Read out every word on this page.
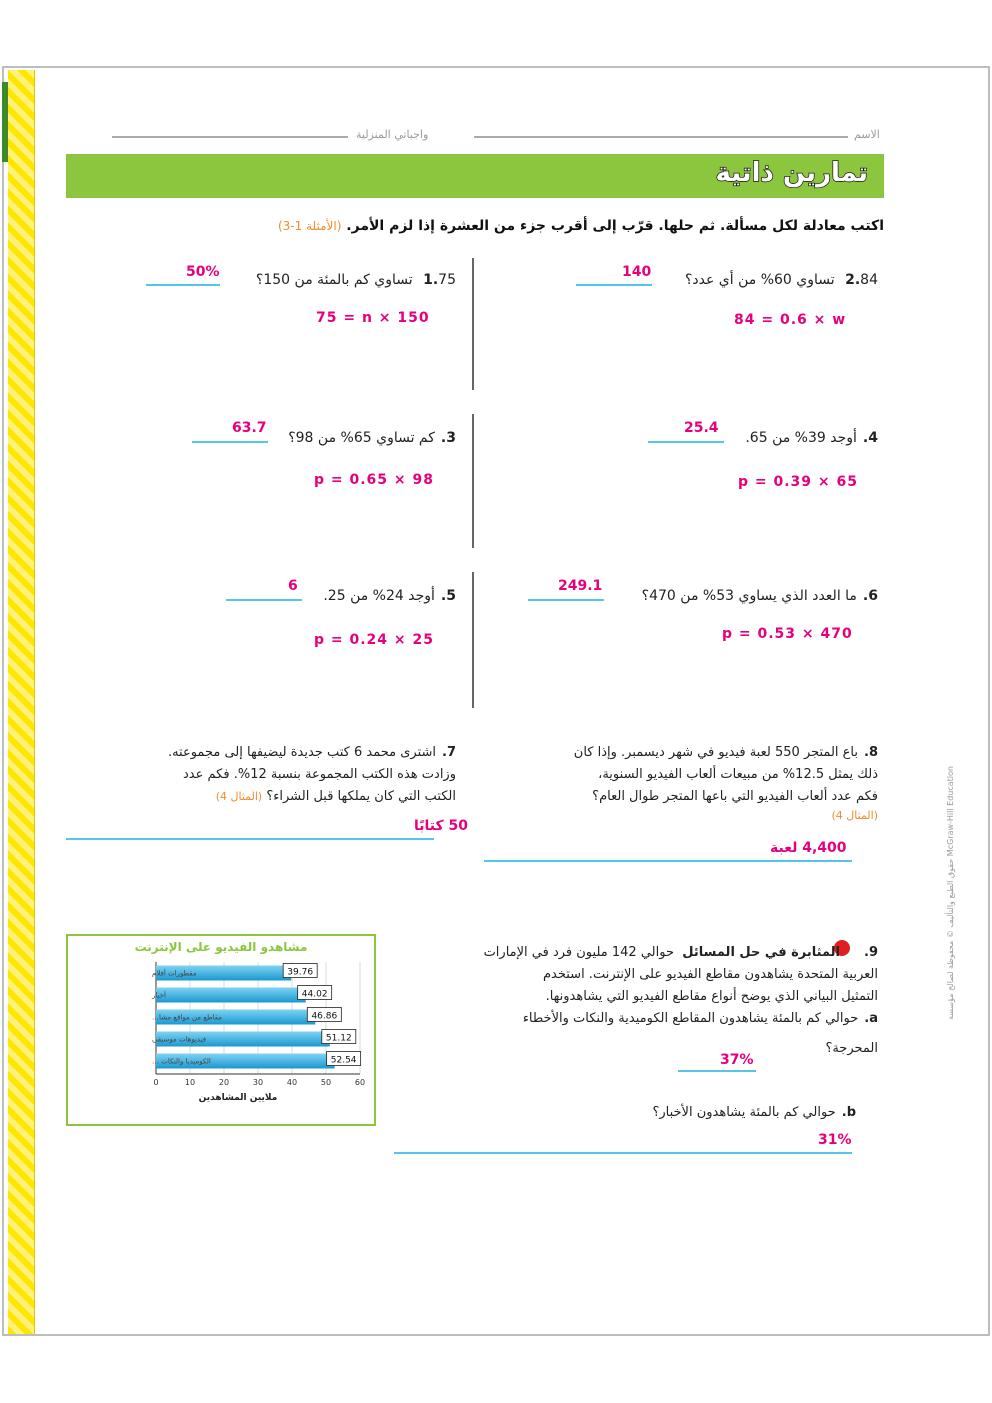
واجباتي المنزلية	الاسم
تمارين ذاتية
اكتب معادلة لكل مسألة. ثم حلها. قرّب إلى أقرب جزء من العشرة إذا لزم الأمر. (الأمثلة 1-3)
1.75 تساوي كم بالمئة من 150؟
50%
75 = n × 150
2.84 تساوي 60% من أي عدد؟
140
84 = 0.6 × w
3.كم تساوي 65% من 98؟
63.7
p = 0.65 × 98
4.أوجد 39% من 65.
25.4
p = 0.39 × 65
5.أوجد 24% من 25.
6
p = 0.24 × 25
6.ما العدد الذي يساوي 53% من 470؟
249.1
p = 0.53 × 470
7.اشترى محمد 6 كتب جديدة ليضيفها إلى مجموعته.
وزادت هذه الكتب المجموعة بنسبة 12%. فكم عدد
الكتب التي كان يملكها قبل الشراء؟ (المثال 4)
50 كتابًا
8.باع المتجر 550 لعبة فيديو في شهر ديسمبر. وإذا كان
ذلك يمثل 12.5% من مبيعات ألعاب الفيديو السنوية،
فكم عدد ألعاب الفيديو التي باعها المتجر طوال العام؟
(المثال 4)
4,400 لعبة
مشاهدو الفيديو على الإنترنت
39.76
مقطورات أفلام
44.02
أخبار
46.86
مقاطع من مواقع مشا…
51.12
فيديوهات موسيقى
52.54
الكوميديا والنكات …
0	10	20	30	40	50	60
ملايين المشاهدين
9.المثابرة في حل المسائل  حوالي 142 مليون فرد في الإمارات
العربية المتحدة يشاهدون مقاطع الفيديو على الإنترنت. استخدم
التمثيل البياني الذي يوضح أنواع مقاطع الفيديو التي يشاهدونها.
a.حوالي كم بالمئة يشاهدون المقاطع الكوميدية والنكات والأخطاء
المحرجة؟
37%
b.حوالي كم بالمئة يشاهدون الأخبار؟
31%
حقوق الطبع والتأليف © محفوظة لصالح مؤسسة McGraw-Hill Education
